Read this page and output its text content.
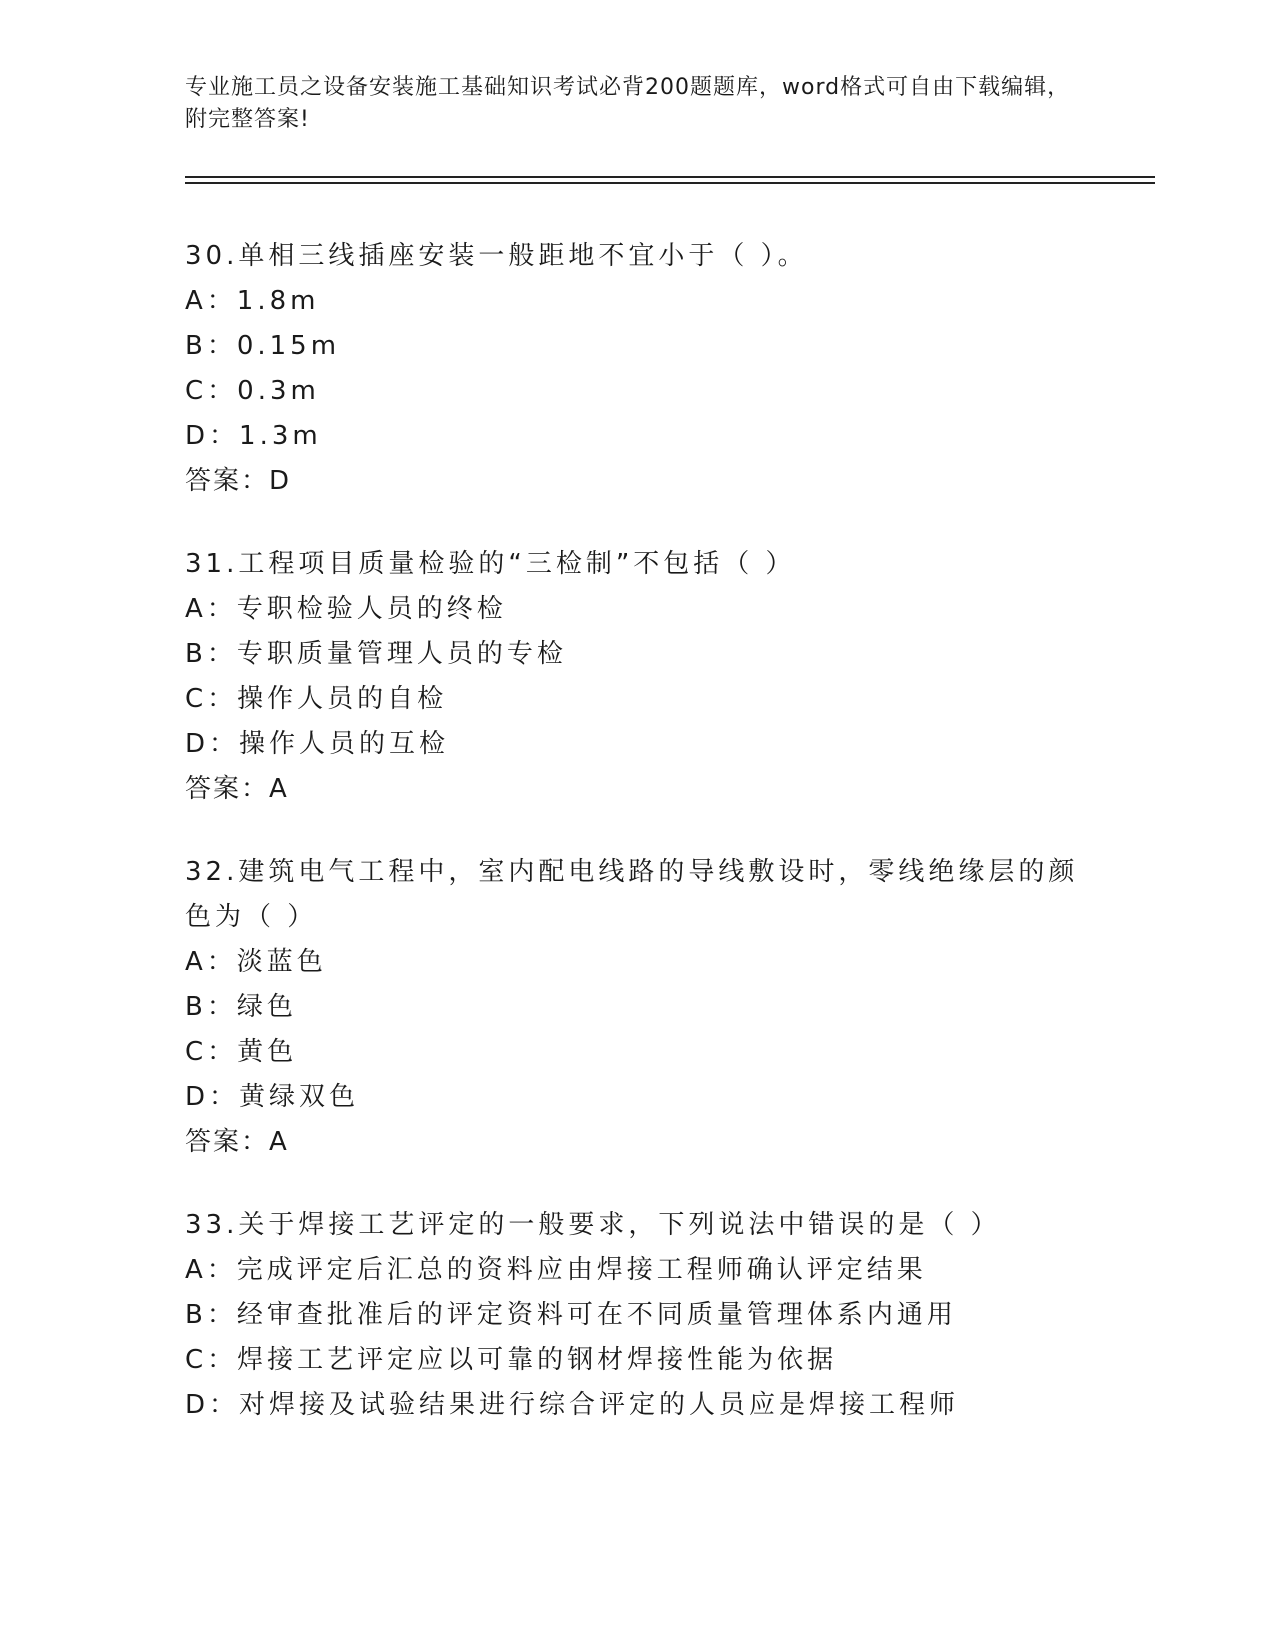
专业施工员之设备安装施工基础知识考试必背200题题库，word格式可自由下载编辑，附完整答案!
30.单相三线插座安装一般距地不宜小于（ ）。
A：1.8m
B：0.15m
C：0.3m
D：1.3m
答案：D
31.工程项目质量检验的“三检制”不包括（ ）
A：专职检验人员的终检
B：专职质量管理人员的专检
C：操作人员的自检
D：操作人员的互检
答案：A
32.建筑电气工程中，室内配电线路的导线敷设时，零线绝缘层的颜色为（ ）
A：淡蓝色
B：绿色
C：黄色
D：黄绿双色
答案：A
33.关于焊接工艺评定的一般要求，下列说法中错误的是（ ）
A：完成评定后汇总的资料应由焊接工程师确认评定结果
B：经审查批准后的评定资料可在不同质量管理体系内通用
C：焊接工艺评定应以可靠的钢材焊接性能为依据
D：对焊接及试验结果进行综合评定的人员应是焊接工程师
